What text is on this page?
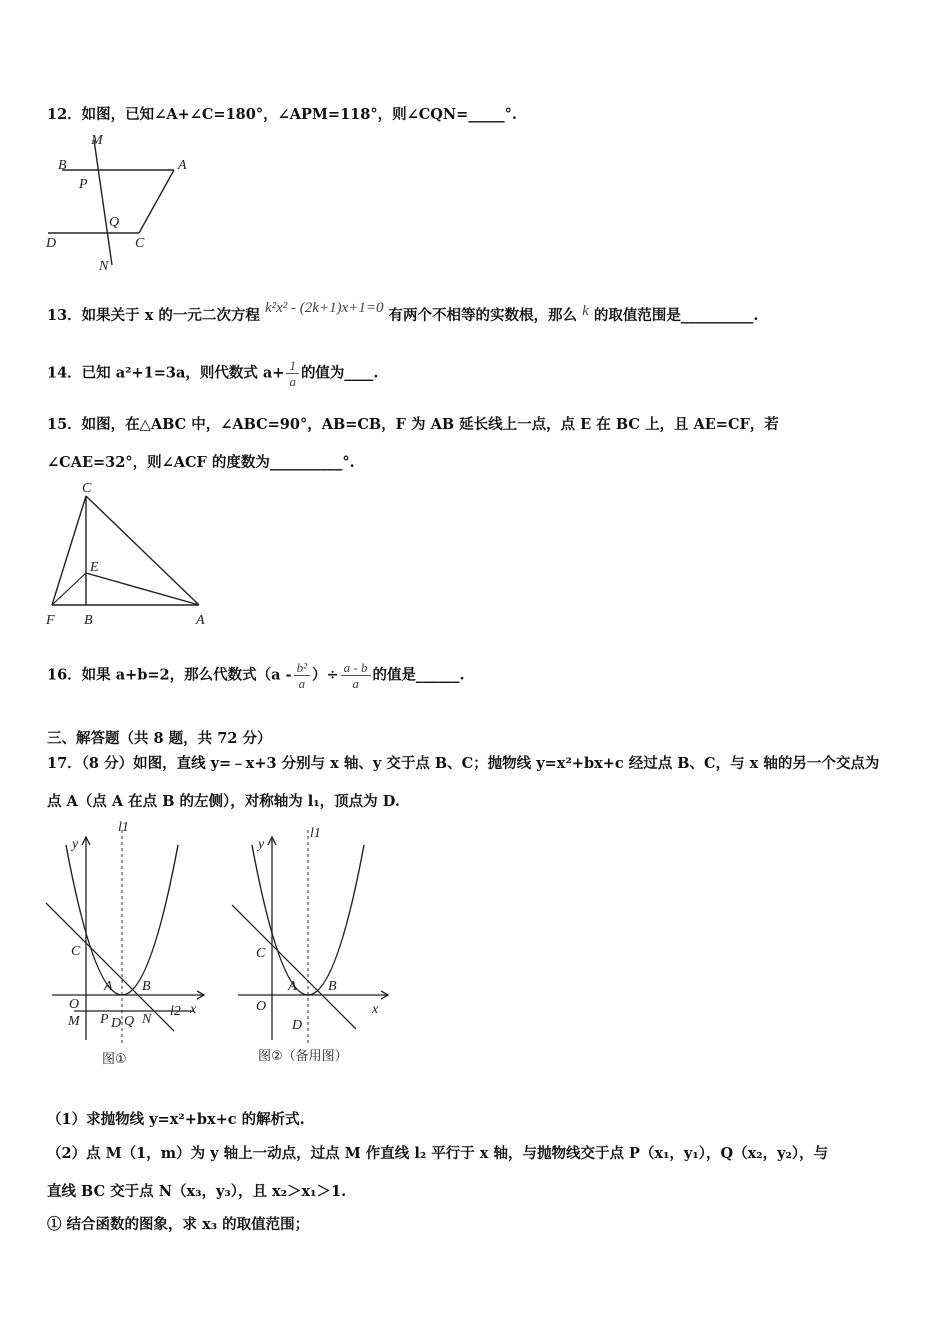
12．如图，已知∠A+∠C=180°，∠APM=118°，则∠CQN=_____°.
M
B
P
A
Q
D	C
N
13．如果关于 x 的一元二次方程 k²x² - (2k+1)x+1=0 有两个不相等的实数根，那么 k 的取值范围是__________.
14．已知 a²+1=3a，则代数式 $a+ \frac{1}{a}$ 的值为____.
15．如图，在△ABC 中，∠ABC=90°，AB=CB，F 为 AB 延长线上一点，点 E 在 BC 上，且 AE=CF，若
∠CAE=32°，则∠ACF 的度数为__________°.
C
E
F B	A
16．如果 a+b=2，那么代数式（$a - \frac{\text{b²}}{a}$ ）÷ $\frac{a - b}{a}$ 的值是______.
三、解答题（共 8 题，共 72 分）
17．（8 分）如图，直线 y=﹣x+3 分别与 x 轴、y 交于点 B、C；抛物线 y=x²+bx+c 经过点 B、C，与 x 轴的另一个交点为
点 A（点 A 在点 B 的左侧），对称轴为 l₁，顶点为 D.
y
l1
C
A B
O	l2 x
M P D Q N
图①
y
l1
C
A B
O	x
D
图②（备用图）
（1）求抛物线 y=x²+bx+c 的解析式.
（2）点 M（1，m）为 y 轴上一动点，过点 M 作直线 l₂ 平行于 x 轴，与抛物线交于点 P（x₁，y₁），Q（x₂，y₂），与
直线 BC 交于点 N（x₃，y₃），且 x₂＞x₁＞1.
① 结合函数的图象，求 x₃ 的取值范围；
